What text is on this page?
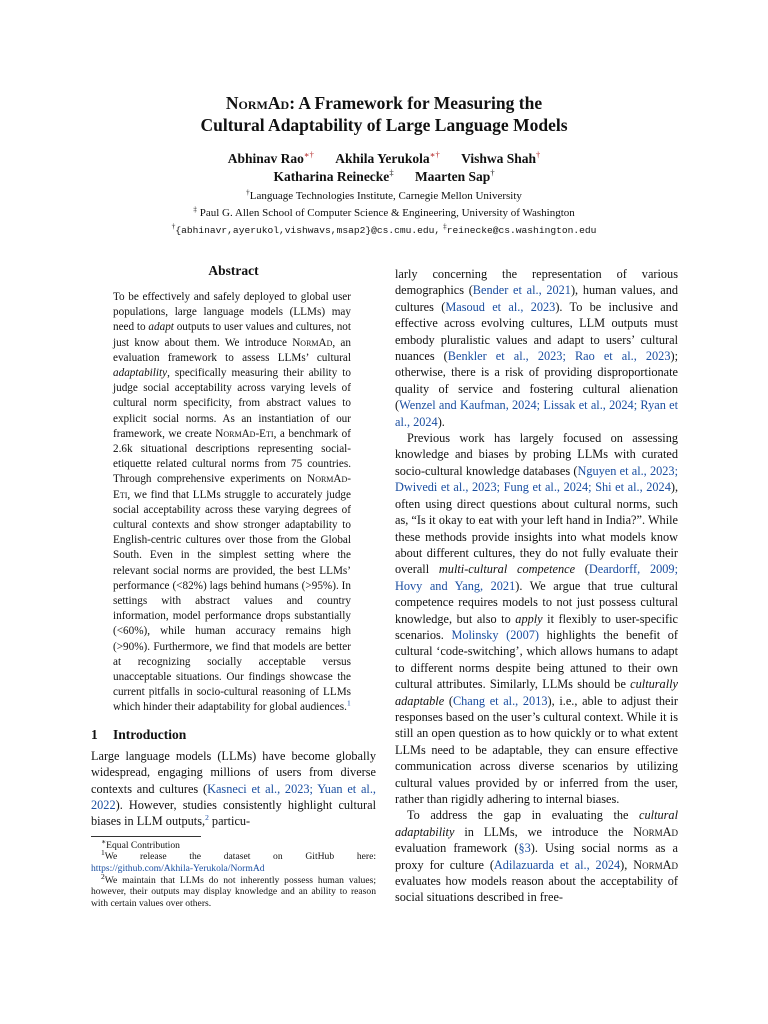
NormAd: A Framework for Measuring the
Cultural Adaptability of Large Language Models
Abhinav Rao∗† Akhila Yerukola∗† Vishwa Shah†
Katharina Reinecke‡ Maarten Sap†
†Language Technologies Institute, Carnegie Mellon University
‡ Paul G. Allen School of Computer Science & Engineering, University of Washington
†{abhinavr,ayerukol,vishwavs,msap2}@cs.cmu.edu, ‡reinecke@cs.washington.edu
Abstract
To be effectively and safely deployed to global user populations, large language models (LLMs) may need to adapt outputs to user values and cultures, not just know about them. We introduce NormAd, an evaluation framework to assess LLMs’ cultural adaptability, specifically measuring their ability to judge social acceptability across varying levels of cultural norm specificity, from abstract values to explicit social norms. As an instantiation of our framework, we create NormAd-Eti, a benchmark of 2.6k situational descriptions representing social-etiquette related cultural norms from 75 countries. Through comprehensive experiments on NormAd-Eti, we find that LLMs struggle to accurately judge social acceptability across these varying degrees of cultural contexts and show stronger adaptability to English-centric cultures over those from the Global South. Even in the simplest setting where the relevant social norms are provided, the best LLMs’ performance (<82%) lags behind humans (>95%). In settings with abstract values and country information, model performance drops substantially (<60%), while human accuracy remains high (>90%). Furthermore, we find that models are better at recognizing socially acceptable versus unacceptable situations. Our findings showcase the current pitfalls in socio-cultural reasoning of LLMs which hinder their adaptability for global audiences.$^1$
1 Introduction

Large language models (LLMs) have become globally widespread, engaging millions of users from diverse contexts and cultures (Kasneci et al., 2023; Yuan et al., 2022). However, studies consistently highlight cultural biases in LLM outputs,$^2$ particu-

∗Equal Contribution

$^1$We release the dataset on GitHub here:

https://github.com/Akhila-Yerukola/NormAd

$^2$We maintain that LLMs do not inherently possess human values; however, their outputs may display knowledge and an ability to reason with certain values over others.

larly concerning the representation of various demographics (Bender et al., 2021), human values, and cultures (Masoud et al., 2023). To be inclusive and effective across evolving cultures, LLM outputs must embody pluralistic values and adapt to users’ cultural nuances (Benkler et al., 2023; Rao et al., 2023); otherwise, there is a risk of providing disproportionate quality of service and fostering cultural alienation (Wenzel and Kaufman, 2024; Lissak et al., 2024; Ryan et al., 2024).

Previous work has largely focused on assessing knowledge and biases by probing LLMs with curated socio-cultural knowledge databases (Nguyen et al., 2023; Dwivedi et al., 2023; Fung et al., 2024; Shi et al., 2024), often using direct questions about cultural norms, such as, “Is it okay to eat with your left hand in India?”. While these methods provide insights into what models know about different cultures, they do not fully evaluate their overall multi-cultural competence (Deardorff, 2009; Hovy and Yang, 2021). We argue that true cultural competence requires models to not just possess cultural knowledge, but also to apply it flexibly to user-specific scenarios. Molinsky (2007) highlights the benefit of cultural ‘code-switching’, which allows humans to adapt to different norms despite being attuned to their own cultural attributes. Similarly, LLMs should be culturally adaptable (Chang et al., 2013), i.e., able to adjust their responses based on the user’s cultural context. While it is still an open question as to how quickly or to what extent LLMs need to be adaptable, they can ensure effective communication across diverse scenarios by utilizing cultural values provided by or inferred from the user, rather than rigidly adhering to internal biases.

To address the gap in evaluating the cultural adaptability in LLMs, we introduce the NormAd evaluation framework (§3). Using social norms as a proxy for culture (Adilazuarda et al., 2024), NormAd evaluates how models reason about the acceptability of social situations described in free-
